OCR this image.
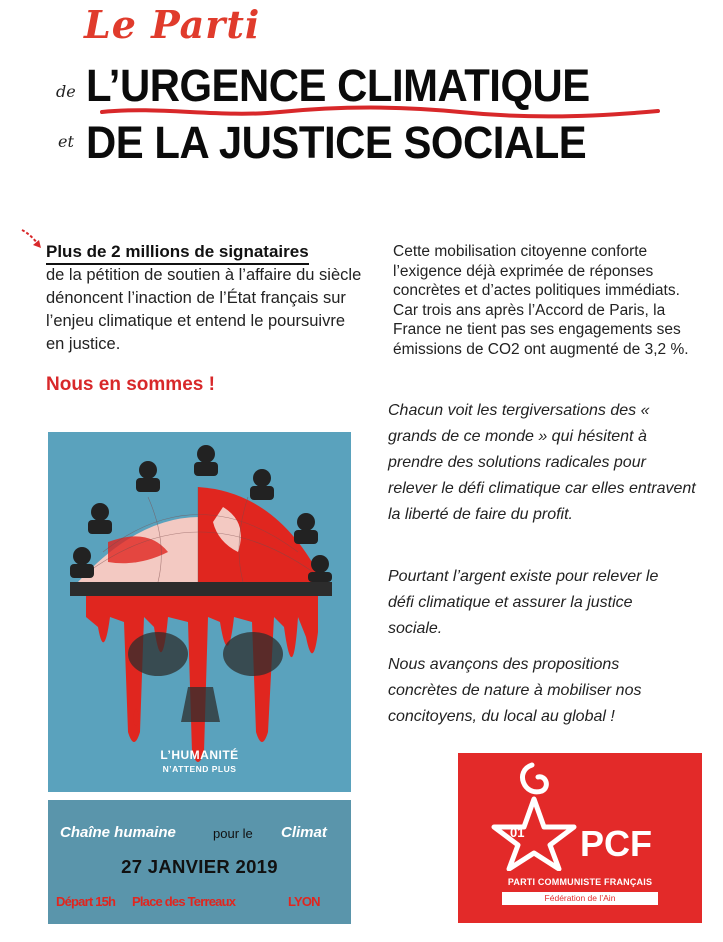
Le Parti
de L’URGENCE CLIMATIQUE
et DE LA JUSTICE SOCIALE
Plus de 2 millions de signataires
de la pétition de soutien à l’affaire du siècle dénoncent l’inaction de l’État français sur l’enjeu climatique et entend le poursuivre en justice.
Nous en sommes !
Cette mobilisation citoyenne conforte l’exigence déjà exprimée de réponses concrètes et d’actes politiques immédiats. Car trois ans après l’Accord de Paris, la France ne tient pas ses engagements ses émissions de CO2 ont augmenté de 3,2 %.
Chacun voit les tergiversations des « grands de ce monde » qui hésitent à prendre des solutions radicales pour relever le défi climatique car elles entravent la liberté de faire du profit.
Pourtant l’argent existe pour relever le défi climatique et assurer la justice sociale.
Nous avançons des propositions concrètes de nature à mobiliser nos concitoyens, du local au global !
L’HUMANITÉ
N’ATTEND PLUS
Chaîne humaine	pour le Climat
27 JANVIER 2019
Départ 15h Place des Terreaux	LYON
01 PCF
PARTI COMMUNISTE FRANÇAIS
Fédération de l’Ain
